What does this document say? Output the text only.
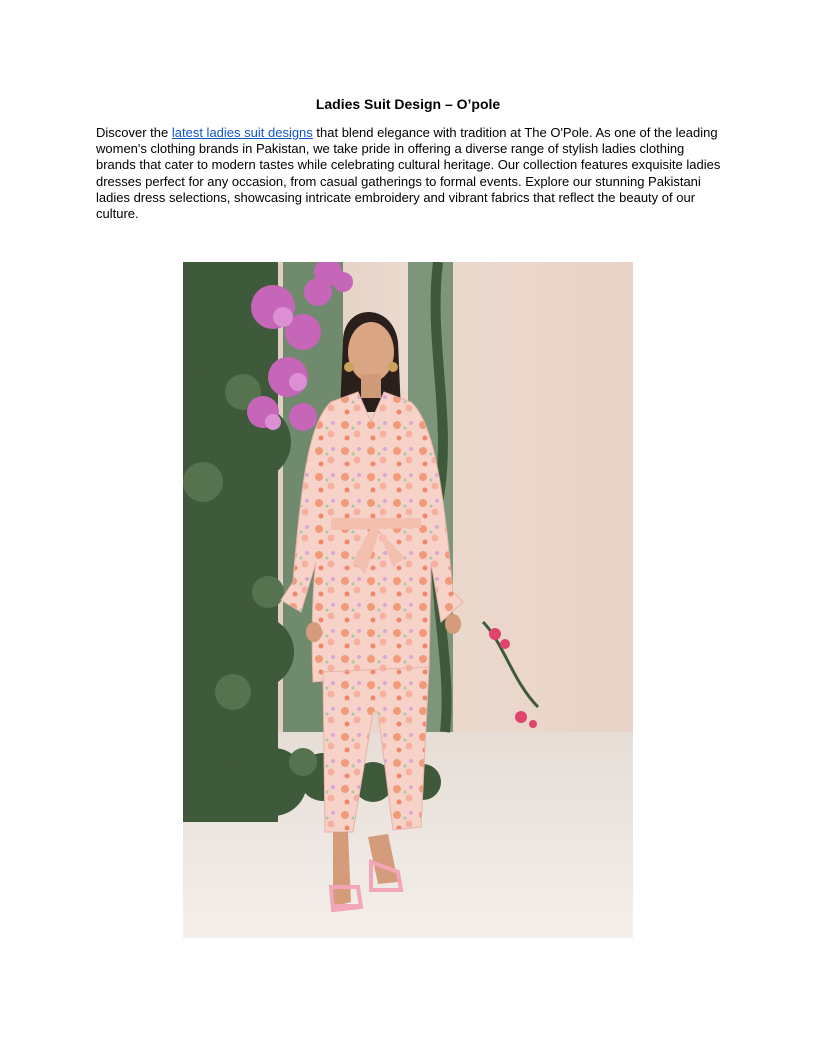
Ladies Suit Design – O’pole

Discover the latest ladies suit designs that blend elegance with tradition at The O'Pole. As one of the leading women's clothing brands in Pakistan, we take pride in offering a diverse range of stylish ladies clothing brands that cater to modern tastes while celebrating cultural heritage. Our collection features exquisite ladies dresses perfect for any occasion, from casual gatherings to formal events. Explore our stunning Pakistani ladies dress selections, showcasing intricate embroidery and vibrant fabrics that reflect the beauty of our culture.
